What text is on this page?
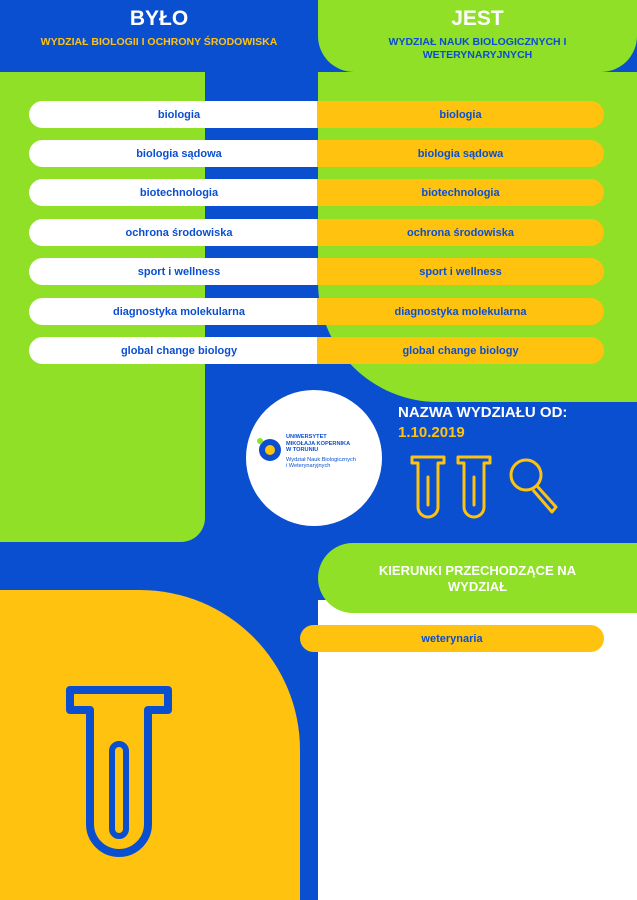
BYŁO
WYDZIAŁ BIOLOGII I OCHRONY ŚRODOWISKA
JEST
WYDZIAŁ NAUK BIOLOGICZNYCH I WETERYNARYJNYCH
biologia	biologia
biologia sądowa	biologia sądowa
biotechnologia	biotechnologia
ochrona środowiska	ochrona środowiska
sport i wellness	sport i wellness
diagnostyka molekularna	diagnostyka molekularna
global change biology	global change biology
UNIWERSYTET
MIKOŁAJA KOPERNIKA
W TORUNIU
Wydział Nauk Biologicznych
i Weterynaryjnych
NAZWA WYDZIAŁU OD:
1.10.2019
KIERUNKI PRZECHODZĄCE NA WYDZIAŁ
weterynaria
